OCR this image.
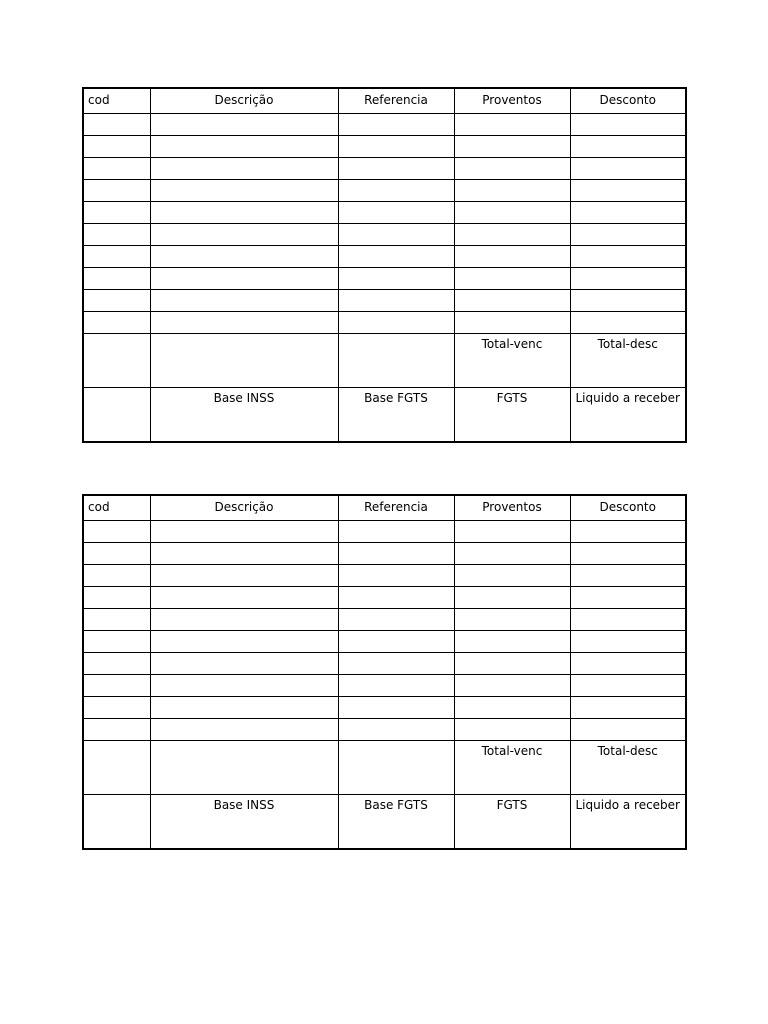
cod	Descrição	Referencia	Proventos	Desconto

			Total-venc	Total-desc
	Base INSS	Base FGTS	FGTS	Liquido a receber
cod	Descrição	Referencia	Proventos	Desconto

			Total-venc	Total-desc
	Base INSS	Base FGTS	FGTS	Liquido a receber
